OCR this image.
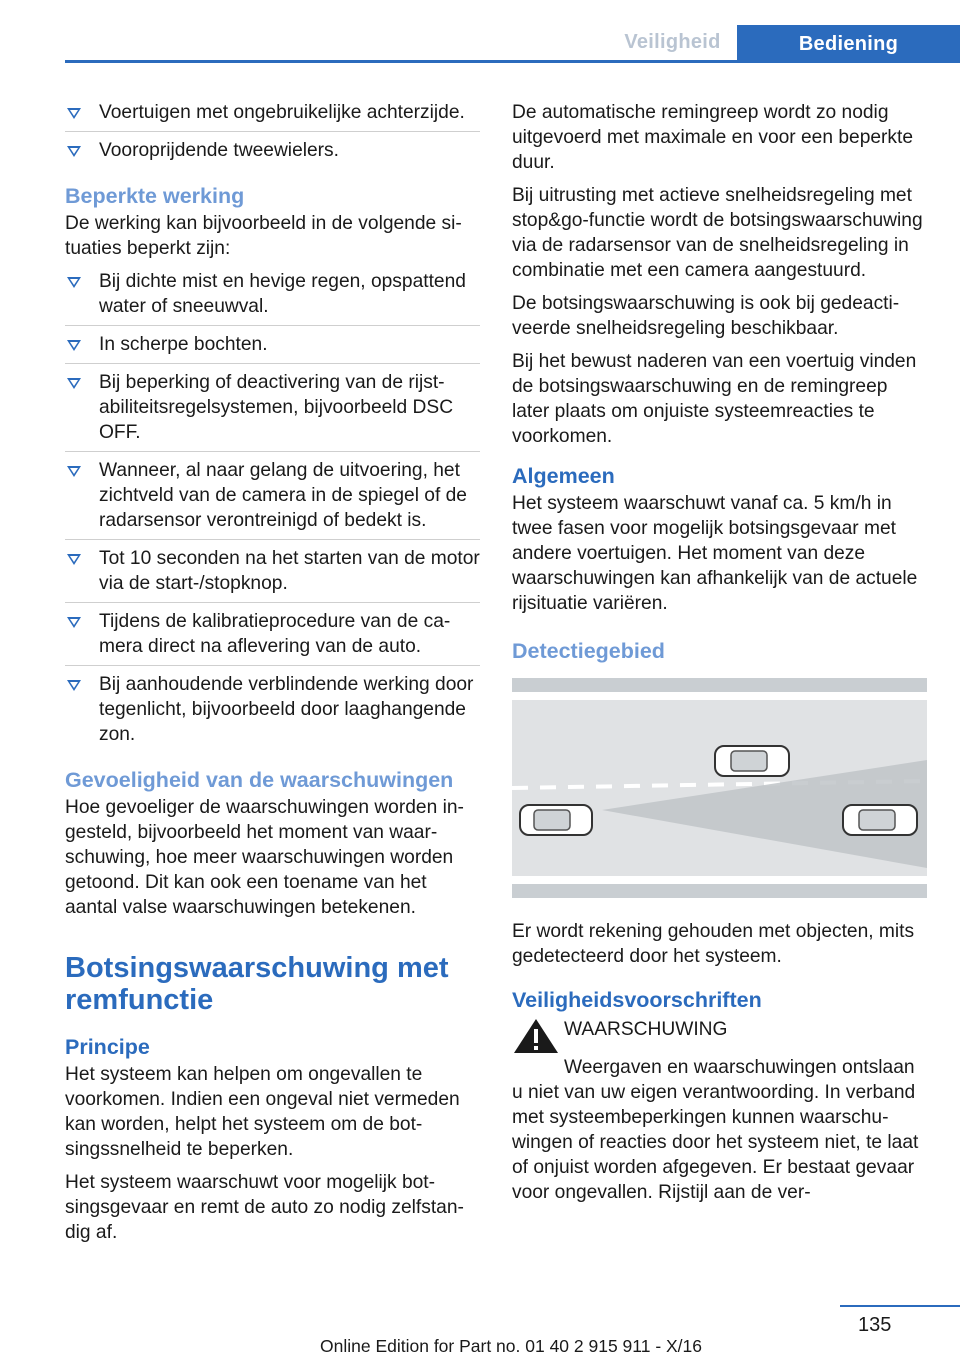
Veiligheid	Bediening
Voertuigen met ongebruikelijke achterzijde.
Vooroprijdende tweewielers.
Beperkte werking

De werking kan bijvoorbeeld in de volgende situaties beperkt zijn:

Bij dichte mist en hevige regen, opspattend water of sneeuwval.
In scherpe bochten.
Bij beperking of deactivering van de rijstabiliteitsregelsystemen, bijvoorbeeld DSC OFF.
Wanneer, al naar gelang de uitvoering, het zichtveld van de camera in de spiegel of de radarsensor verontreinigd of bedekt is.
Tot 10 seconden na het starten van de motor via de start-/stopknop.
Tijdens de kalibratieprocedure van de camera direct na aflevering van de auto.
Bij aanhoudende verblindende werking door tegenlicht, bijvoorbeeld door laaghangende zon.
Gevoeligheid van de waarschuwingen

Hoe gevoeliger de waarschuwingen worden ingesteld, bijvoorbeeld het moment van waarschuwing, hoe meer waarschuwingen worden getoond. Dit kan ook een toename van het aantal valse waarschuwingen betekenen.

Botsingswaarschuwing met remfunctie
Principe

Het systeem kan helpen om ongevallen te voorkomen. Indien een ongeval niet vermeden kan worden, helpt het systeem om de botsingssnelheid te beperken.

Het systeem waarschuwt voor mogelijk botsingsgevaar en remt de auto zo nodig zelfstandig af.

De automatische remingreep wordt zo nodig uitgevoerd met maximale en voor een beperkte duur.

Bij uitrusting met actieve snelheidsregeling met stop&go-functie wordt de botsingswaarschuwing via de radarsensor van de snelheidsregeling in combinatie met een camera aangestuurd.

De botsingswaarschuwing is ook bij gedeactiveerde snelheidsregeling beschikbaar.

Bij het bewust naderen van een voertuig vinden de botsingswaarschuwing en de remingreep later plaats om onjuiste systeemreacties te voorkomen.

Algemeen

Het systeem waarschuwt vanaf ca. 5 km/h in twee fasen voor mogelijk botsingsgevaar met andere voertuigen. Het moment van deze waarschuwingen kan afhankelijk van de actuele rijsituatie variëren.

Detectiegebied

Er wordt rekening gehouden met objecten, mits gedetecteerd door het systeem.

Veiligheidsvoorschriften
WAARSCHUWING

Weergaven en waarschuwingen ontslaan u niet van uw eigen verantwoording. In verband met systeembeperkingen kunnen waarschuwingen of reacties door het systeem niet, te laat of onjuist worden afgegeven. Er bestaat gevaar voor ongevallen. Rijstijl aan de ver-

135
Online Edition for Part no. 01 40 2 915 911 - X/16
